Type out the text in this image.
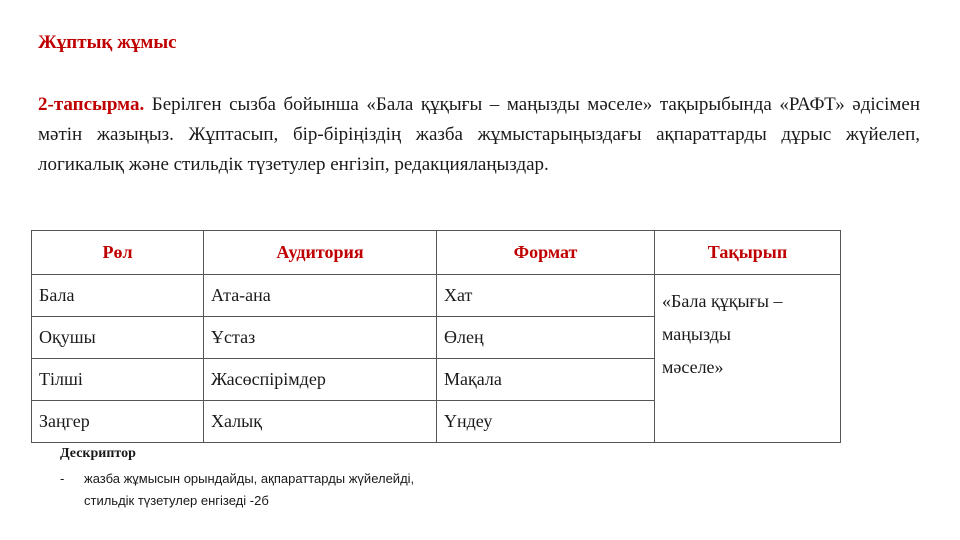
Жұптық жұмыс
2-тапсырма. Берілген сызба бойынша «Бала құқығы – маңызды мәселе» тақырыбында «РАФТ» әдісімен мәтін жазыңыз. Жұптасып, бір-біріңіздің жазба жұмыстарыңыздағы ақпараттарды дұрыс жүйелеп, логикалық және стильдік түзетулер енгізіп, редакциялаңыздар.
Рөл	Аудитория	Формат	Тақырып
Бала	Ата-ана	Хат	«Бала құқығы –
маңызды
мәселе»

Оқушы	Ұстаз	Өлең	
Тілші	Жасөспірімдер	Мақала	
Заңгер	Халық	Үндеу	
Дескриптор
-	жазба жұмысын орындайды, ақпараттарды жүйелейді,
стильдік түзетулер енгізеді -2б
